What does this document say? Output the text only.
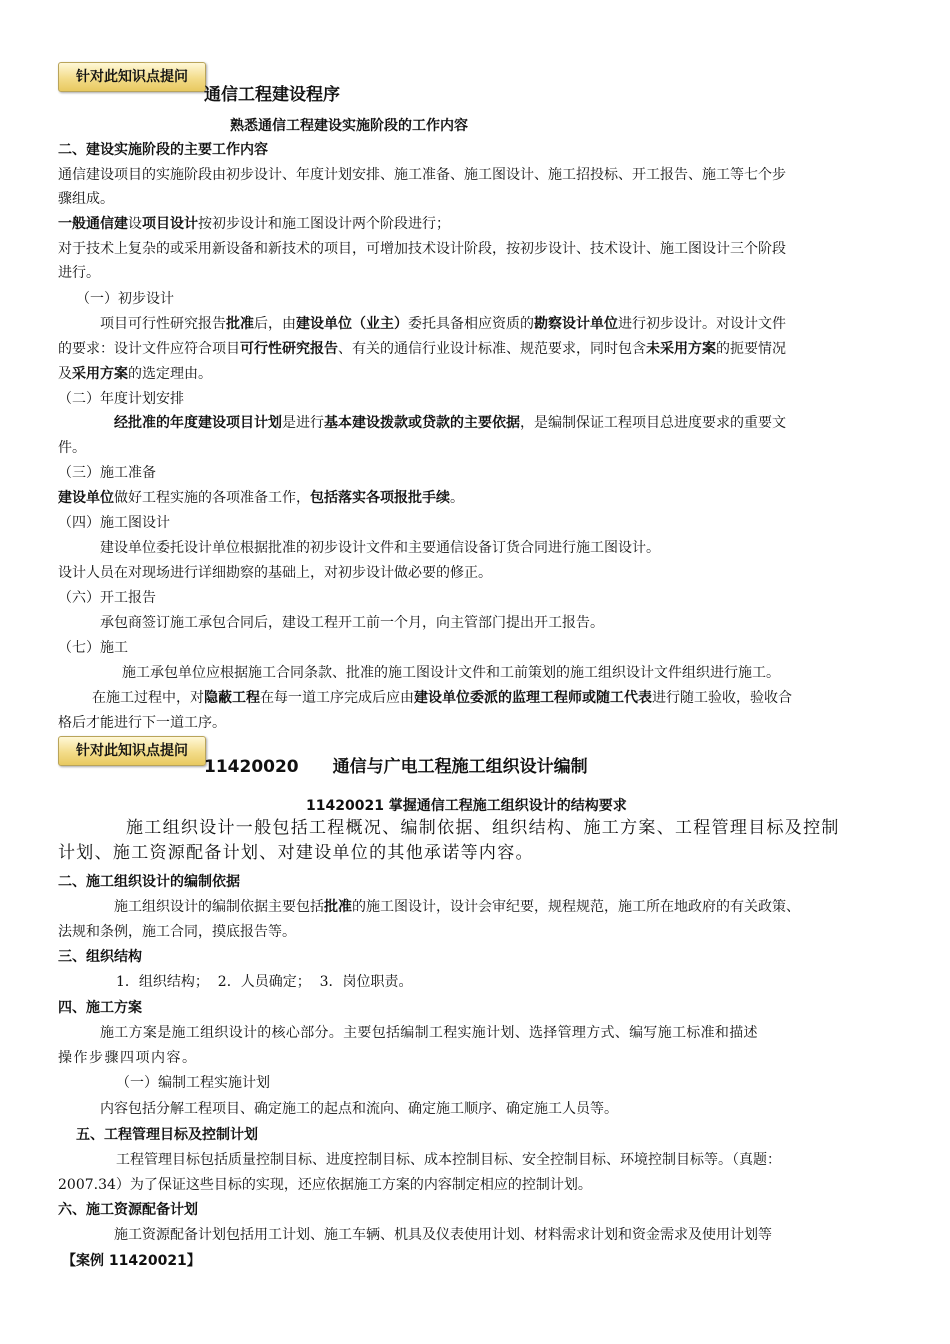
针对此知识点提问
通信工程建设程序
熟悉通信工程建设实施阶段的工作内容
二、建设实施阶段的主要工作内容
通信建设项目的实施阶段由初步设计、年度计划安排、施工准备、施工图设计、施工招投标、开工报告、施工等七个步
骤组成。
一般通信建设项目设计按初步设计和施工图设计两个阶段进行；
对于技术上复杂的或采用新设备和新技术的项目，可增加技术设计阶段，按初步设计、技术设计、施工图设计三个阶段
进行。
（一）初步设计
项目可行性研究报告批准后，由建设单位（业主）委托具备相应资质的勘察设计单位进行初步设计。对设计文件
的要求：设计文件应符合项目可行性研究报告、有关的通信行业设计标准、规范要求，同时包含未采用方案的扼要情况
及采用方案的选定理由。
（二）年度计划安排
经批准的年度建设项目计划是进行基本建设拨款或贷款的主要依据，是编制保证工程项目总进度要求的重要文
件。
（三）施工准备
建设单位做好工程实施的各项准备工作，包括落实各项报批手续。
（四）施工图设计
建设单位委托设计单位根据批准的初步设计文件和主要通信设备订货合同进行施工图设计。
设计人员在对现场进行详细勘察的基础上，对初步设计做必要的修正。
（六）开工报告
承包商签订施工承包合同后，建设工程开工前一个月，向主管部门提出开工报告。
（七）施工
施工承包单位应根据施工合同条款、批准的施工图设计文件和工前策划的施工组织设计文件组织进行施工。
在施工过程中，对隐蔽工程在每一道工序完成后应由建设单位委派的监理工程师或随工代表进行随工验收，验收合
格后才能进行下一道工序。
针对此知识点提问
11420020 通信与广电工程施工组织设计编制
11420021 掌握通信工程施工组织设计的结构要求
施工组织设计一般包括工程概况、编制依据、组织结构、施工方案、工程管理目标及控制
计划、施工资源配备计划、对建设单位的其他承诺等内容。
二、施工组织设计的编制依据
施工组织设计的编制依据主要包括批准的施工图设计，设计会审纪要，规程规范，施工所在地政府的有关政策、
法规和条例，施工合同，摸底报告等。
三、组织结构
1．组织结构；  2．人员确定；  3．岗位职责。
四、施工方案
施工方案是施工组织设计的核心部分。主要包括编制工程实施计划、选择管理方式、编写施工标准和描述
操作步骤四项内容。
（一）编制工程实施计划
内容包括分解工程项目、确定施工的起点和流向、确定施工顺序、确定施工人员等。
五、工程管理目标及控制计划
工程管理目标包括质量控制目标、进度控制目标、成本控制目标、安全控制目标、环境控制目标等。（真题：
2007.34）为了保证这些目标的实现，还应依据施工方案的内容制定相应的控制计划。
六、施工资源配备计划
施工资源配备计划包括用工计划、施工车辆、机具及仪表使用计划、材料需求计划和资金需求及使用计划等
【案例 11420021】
